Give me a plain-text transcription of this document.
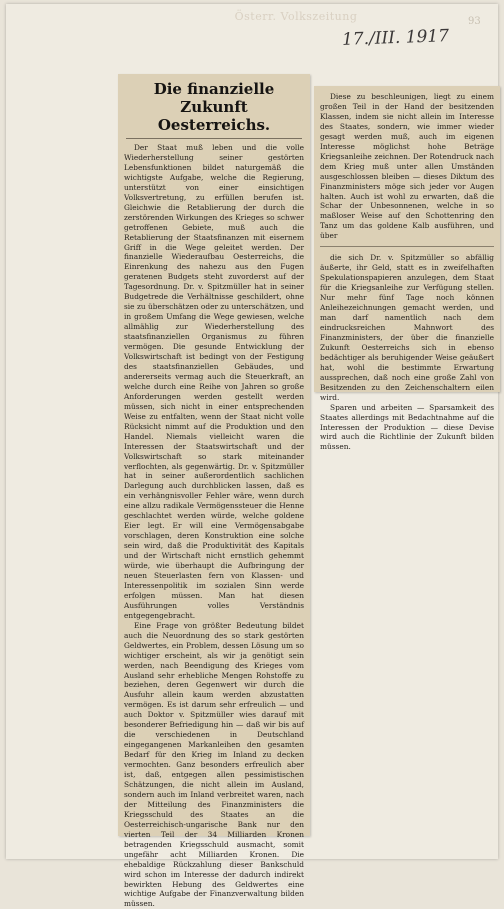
Österr. Volkszeitung	93
17./III. 1917
Die finanzielle Zukunft Oesterreichs.

Der Staat muß leben und die volle Wiederherstellung seiner gestörten Lebensfunktionen bildet naturgemäß die wichtigste Aufgabe, welche die Regierung, unterstützt von einer einsichtigen Volksvertretung, zu erfüllen berufen ist. Gleichwie die Retablierung der durch die zerstörenden Wirkungen des Krieges so schwer getroffenen Gebiete, muß auch die Retablierung der Staatsfinanzen mit eisernem Griff in die Wege geleitet werden. Der finanzielle Wiederaufbau Oesterreichs, die Einrenkung des nahezu aus den Fugen geratenen Budgets steht zuvorderst auf der Tagesordnung. Dr. v. Spitzmüller hat in seiner Budgetrede die Verhältnisse geschildert, ohne sie zu überschätzen oder zu unterschätzen, und in großem Umfang die Wege gewiesen, welche allmählig zur Wiederherstellung des staatsfinanziellen Organismus zu führen vermögen. Die gesunde Entwicklung der Volkswirtschaft ist bedingt von der Festigung des staatsfinanziellen Gebäudes, und andererseits vermag auch die Steuerkraft, an welche durch eine Reihe von Jahren so große Anforderungen werden gestellt werden müssen, sich nicht in einer entsprechenden Weise zu entfalten, wenn der Staat nicht volle Rücksicht nimmt auf die Produktion und den Handel. Niemals vielleicht waren die Interessen der Staatswirtschaft und der Volkswirtschaft so stark miteinander verflochten, als gegenwärtig. Dr. v. Spitzmüller hat in seiner außerordentlich sachlichen Darlegung auch durchblicken lassen, daß es ein verhängnisvoller Fehler wäre, wenn durch eine allzu radikale Vermögenssteuer die Henne geschlachtet werden würde, welche goldene Eier legt. Er will eine Vermögensabgabe vorschlagen, deren Konstruktion eine solche sein wird, daß die Produktivität des Kapitals und der Wirtschaft nicht ernstlich gehemmt würde, wie überhaupt die Aufbringung der neuen Steuerlasten fern von Klassen- und Interessenpolitik im sozialen Sinn werde erfolgen müssen. Man hat diesen Ausführungen volles Verständnis entgegengebracht.

Eine Frage von größter Bedeutung bildet auch die Neuordnung des so stark gestörten Geldwertes, ein Problem, dessen Lösung um so wichtiger erscheint, als wir ja genötigt sein werden, nach Beendigung des Krieges vom Ausland sehr erhebliche Mengen Rohstoffe zu beziehen, deren Gegenwert wir durch die Ausfuhr allein kaum werden abzustatten vermögen. Es ist darum sehr erfreulich — und auch Doktor v. Spitzmüller wies darauf mit besonderer Befriedigung hin — daß wir bis auf die verschiedenen in Deutschland eingegangenen Markanleihen den gesamten Bedarf für den Krieg im Inland zu decken vermochten. Ganz besonders erfreulich aber ist, daß, entgegen allen pessimistischen Schätzungen, die nicht allein im Ausland, sondern auch im Inland verbreitet waren, nach der Mitteilung des Finanzministers die Kriegsschuld des Staates an die Oesterreichisch-ungarische Bank nur den vierten Teil der 34 Milliarden Kronen betragenden Kriegsschuld ausmacht, somit ungefähr acht Milliarden Kronen. Die ehebaldige Rückzahlung dieser Bankschuld wird schon im Interesse der dadurch indirekt bewirkten Hebung des Geldwertes eine wichtige Aufgabe der Finanzverwaltung bilden müssen.

Diese zu beschleunigen, liegt zu einem großen Teil in der Hand der besitzenden Klassen, indem sie nicht allein im Interesse des Staates, sondern, wie immer wieder gesagt werden muß, auch im eigenen Interesse möglichst hohe Beträge Kriegsanleihe zeichnen. Der Rotendruck nach dem Krieg muß unter allen Umständen ausgeschlossen bleiben — dieses Diktum des Finanzministers möge sich jeder vor Augen halten. Auch ist wohl zu erwarten, daß die Schar der Unbesonnenen, welche in so maßloser Weise auf den Schottenring den Tanz um das goldene Kalb ausführen, und über

die sich Dr. v. Spitzmüller so abfällig äußerte, ihr Geld, statt es in zweifelhaften Spekulationspapieren anzulegen, dem Staat für die Kriegsanleihe zur Verfügung stellen. Nur mehr fünf Tage noch können Anleihezeichnungen gemacht werden, und man darf namentlich nach dem eindrucksreichen Mahnwort des Finanzministers, der über die finanzielle Zukunft Oesterreichs sich in ebenso bedächtiger als beruhigender Weise geäußert hat, wohl die bestimmte Erwartung aussprechen, daß noch eine große Zahl von Besitzenden zu den Zeichenschaltern eilen wird.

Sparen und arbeiten — Sparsamkeit des Staates allerdings mit Bedachtnahme auf die Interessen der Produktion — diese Devise wird auch die Richtlinie der Zukunft bilden müssen.
